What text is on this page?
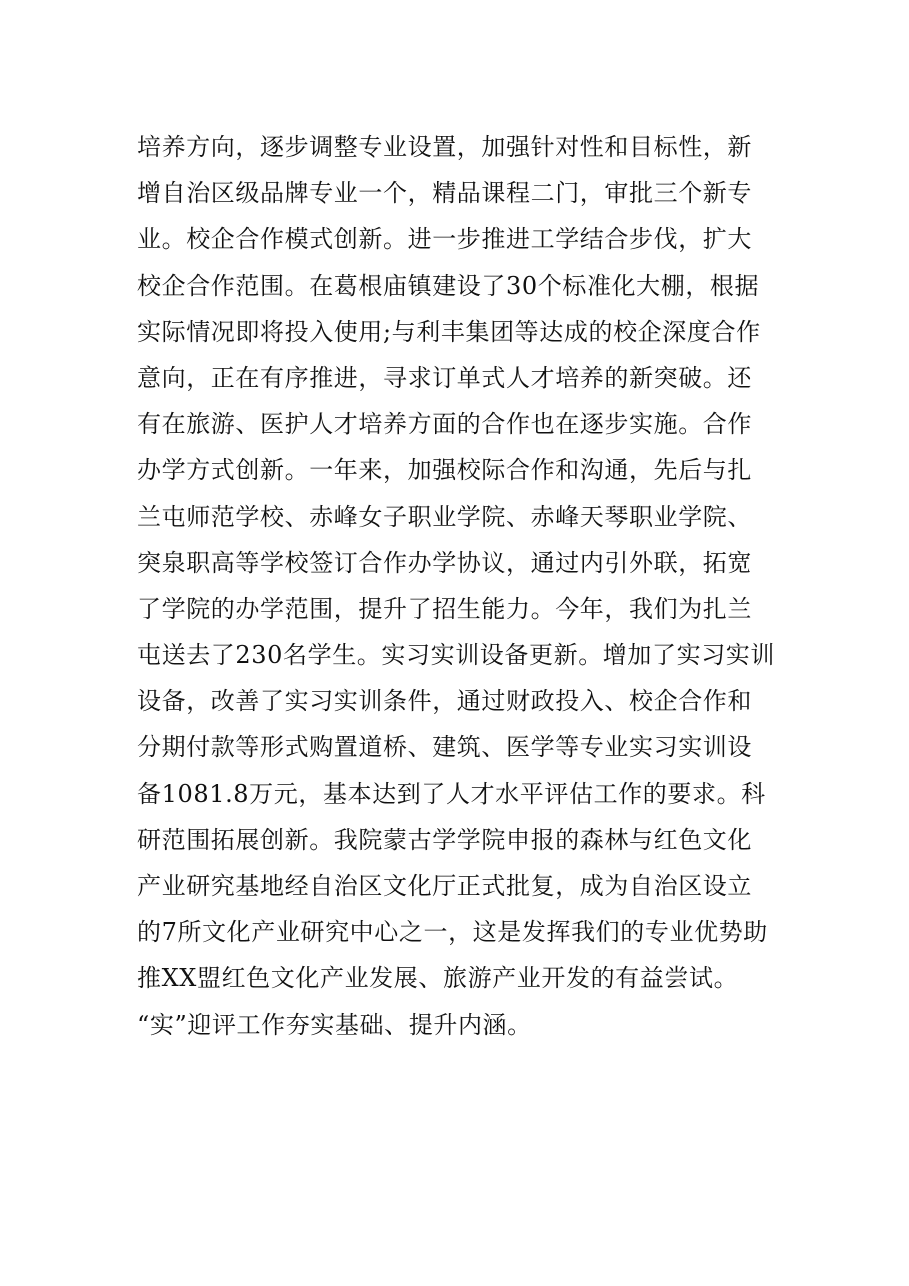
培养方向，逐步调整专业设置，加强针对性和目标性，新
增自治区级品牌专业一个，精品课程二门，审批三个新专
业。校企合作模式创新。进一步推进工学结合步伐，扩大
校企合作范围。在葛根庙镇建设了30个标准化大棚，根据
实际情况即将投入使用;与利丰集团等达成的校企深度合作
意向，正在有序推进，寻求订单式人才培养的新突破。还
有在旅游、医护人才培养方面的合作也在逐步实施。合作
办学方式创新。一年来，加强校际合作和沟通，先后与扎
兰屯师范学校、赤峰女子职业学院、赤峰天琴职业学院、
突泉职高等学校签订合作办学协议，通过内引外联，拓宽
了学院的办学范围，提升了招生能力。今年，我们为扎兰
屯送去了230名学生。实习实训设备更新。增加了实习实训
设备，改善了实习实训条件，通过财政投入、校企合作和
分期付款等形式购置道桥、建筑、医学等专业实习实训设
备1081.8万元，基本达到了人才水平评估工作的要求。科
研范围拓展创新。我院蒙古学学院申报的森林与红色文化
产业研究基地经自治区文化厅正式批复，成为自治区设立
的7所文化产业研究中心之一，这是发挥我们的专业优势助
推XX盟红色文化产业发展、旅游产业开发的有益尝试。
“实”迎评工作夯实基础、提升内涵。
